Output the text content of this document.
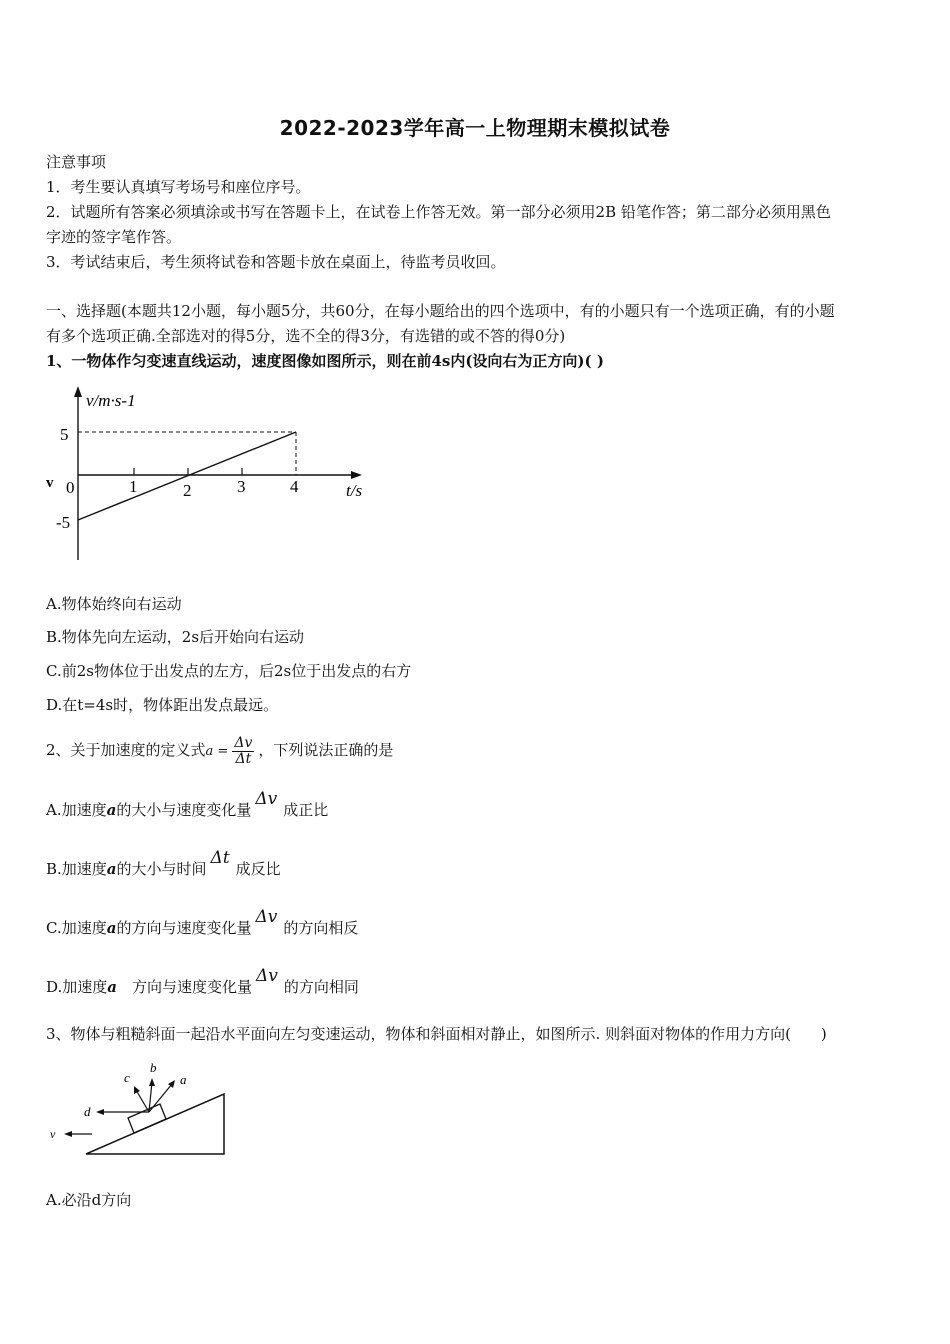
2022-2023学年高一上物理期末模拟试卷
注意事项
1．考生要认真填写考场号和座位序号。
2．试题所有答案必须填涂或书写在答题卡上，在试卷上作答无效。第一部分必须用2B 铅笔作答；第二部分必须用黑色
字迹的签字笔作答。
3．考试结束后，考生须将试卷和答题卡放在桌面上，待监考员收回。
一、选择题(本题共12小题，每小题5分，共60分，在每小题给出的四个选项中，有的小题只有一个选项正确，有的小题
有多个选项正确.全部选对的得5分，选不全的得3分，有选错的或不答的得0分)
1、一物体作匀变速直线运动，速度图像如图所示，则在前4s内(设向右为正方向)( )
v/m·s-1
5
-5
v 0	1	2	3	4	t/s
A.物体始终向右运动
B.物体先向左运动，2s后开始向右运动
C.前2s物体位于出发点的左方，后2s位于出发点的右方
D.在t=4s时，物体距出发点最远。
2、关于加速度的定义式$a = \frac{\Delta v}{\Delta t}$ ，下列说法正确的是
A.加速度a的大小与速度变化量Δv成正比
B.加速度a的大小与时间Δt成反比
C.加速度a的方向与速度变化量Δv的方向相反
D.加速度a　方向与速度变化量Δv的方向相同
3、物体与粗糙斜面一起沿水平面向左匀变速运动，物体和斜面相对静止，如图所示. 则斜面对物体的作用力方向(　　)
c
b
a
d
v
A.必沿d方向
